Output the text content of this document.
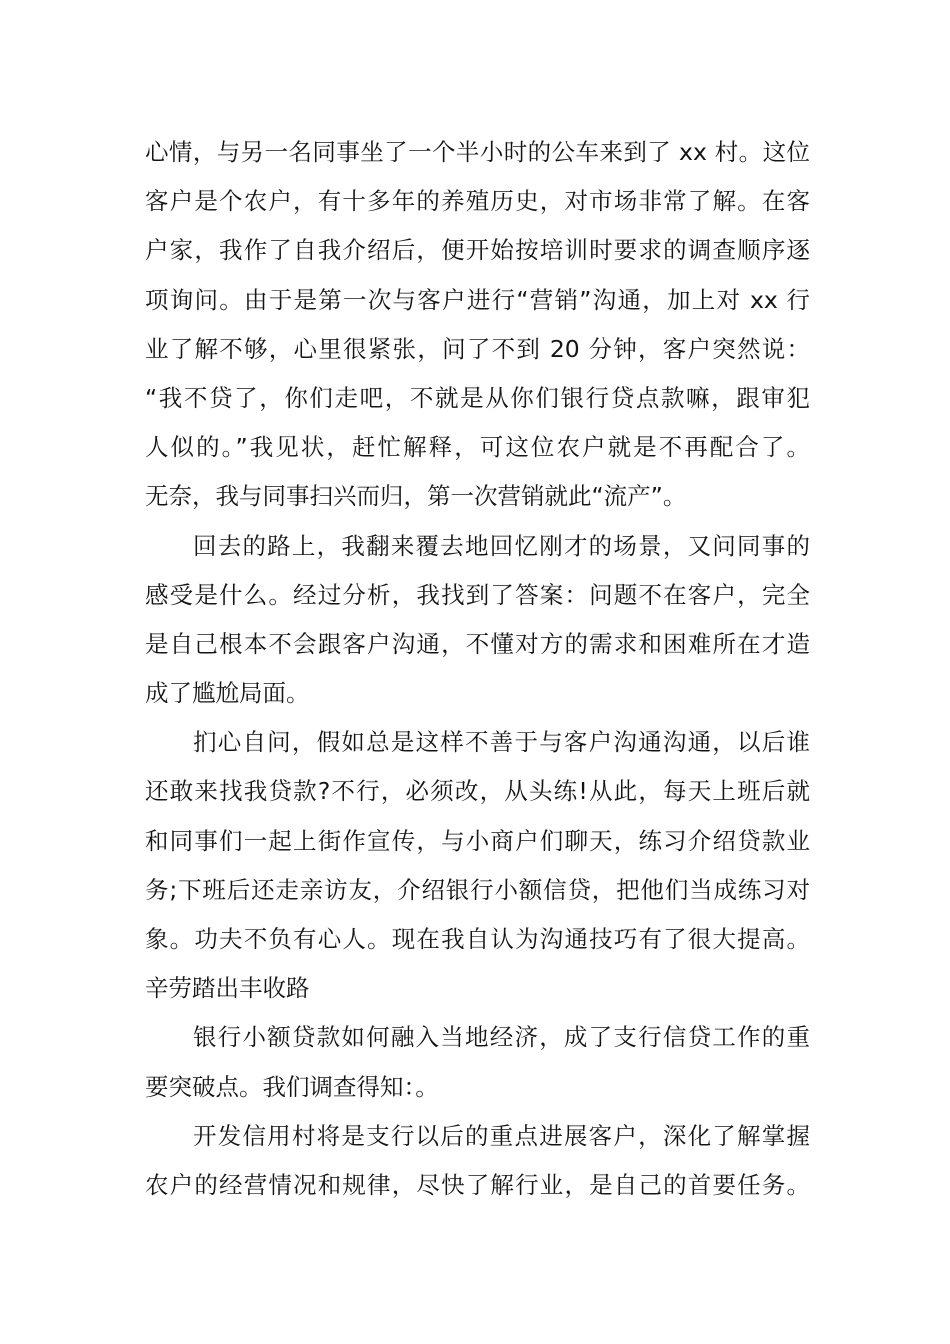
心情，与另一名同事坐了一个半小时的公车来到了 xx 村。这位
客户是个农户，有十多年的养殖历史，对市场非常了解。在客
户家，我作了自我介绍后，便开始按培训时要求的调查顺序逐
项询问。由于是第一次与客户进行“营销”沟通，加上对 xx 行
业了解不够，心里很紧张，问了不到 20 分钟，客户突然说：
“我不贷了，你们走吧，不就是从你们银行贷点款嘛，跟审犯
人似的。”我见状，赶忙解释，可这位农户就是不再配合了。
无奈，我与同事扫兴而归，第一次营销就此“流产”。
回去的路上，我翻来覆去地回忆刚才的场景，又问同事的
感受是什么。经过分析，我找到了答案：问题不在客户，完全
是自己根本不会跟客户沟通，不懂对方的需求和困难所在才造
成了尴尬局面。
扪心自问，假如总是这样不善于与客户沟通沟通，以后谁
还敢来找我贷款?不行，必须改，从头练!从此，每天上班后就
和同事们一起上街作宣传，与小商户们聊天，练习介绍贷款业
务;下班后还走亲访友，介绍银行小额信贷，把他们当成练习对
象。功夫不负有心人。现在我自认为沟通技巧有了很大提高。
辛劳踏出丰收路
银行小额贷款如何融入当地经济，成了支行信贷工作的重
要突破点。我们调查得知：。
开发信用村将是支行以后的重点进展客户，深化了解掌握
农户的经营情况和规律，尽快了解行业，是自己的首要任务。
